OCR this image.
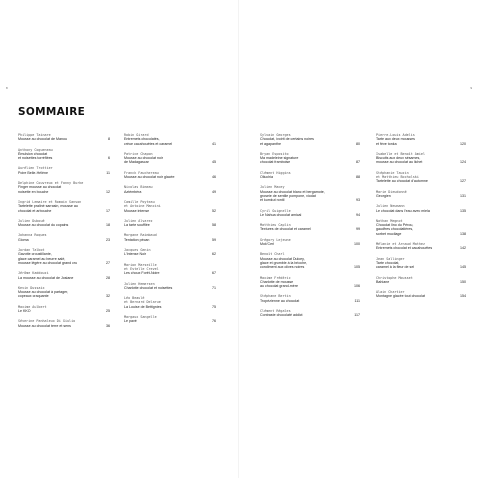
8	9
SOMMAIRE
Philippe Tainare
Mousse au chocolat de Manou	8
Anthony Cogueneau
Émulsion chocolat
et noisettes torréfiées	6
Aurélien Trottier
Poire Belle-Hélène	11
Delphine Couvreux et Fanny Burke
Finger mousse au chocolat
noisette en bouche	12
Ingrid Lemaire et Romain Sanson
Tartelette praliné sarrasin, mousse au
chocolat et arbouche	17
Julien Dubouè
Mousse au chocolat du copains	18
Johanna Roques
Gioma	23
Jordan Talbot
Gavotte croustillante,
glace caramel au beurre salé,
mousse légère au chocolat grand cru	27
Jérôme Kaddouzi
La mousse au chocolat de Josiane	28
Kevin Dussaix
Mousse au chocolat à partager,
copeaux craquante	32
Maxime Aulbert
Le KKO	25
Séverine Panhaleux Di Giulio
Mousse au chocolat terre et sens	36
Robin Girard
Entremets chocolatés,
crèue cacahouètes et caramel	41
Patrice Chapon
Mousse au chocolat noir
de Madagascar	45
Franck Fauchereau
Mousse au chocolat noir glacée	46
Nicolas Bimeau
Aztèmbèra	49
Camille Poyteau
et Antoine Mancini
Mousse intense	52
Julien Alvarez
La tarte soufflée	58
Morgane Raimbaud
Tentation pécan	59
Jacques Genin
L'Intense Noir	62
Marion Marseille
et Estelle Crevel
Les choux Forêt-Noire	67
Julien Hemersen
Charlotte chocolat et noisettes	71
Léo Beaulé
et Bernard Delarue
La Louise de Bettignies	75
Margaux Sangelle
Le pavé	76
Sylvain Georges
Chocolat, ivoirit de certains noires
et agapanthe	80
Bryan Esposito
Ma madeleine signature
chocolat framboise	87
Clément Higgins
Oliuchia	88
Julien Macey
Mousse au chocolat blanc et bergamote,
groseie de sentile pompone, viodat
et kumkut rontil	93
Cyril Guignelle
Le Nahua chocolat amical	94
Matthieu Caplin
Textures de chocolat et caramel	99
Grégory Lejeune
Mok'Cerl	100
Benoît Charl
Mousse au chocolat Dulcey,
glace et grumble à la brioche,
condiment aux olives noires	105
Maxime Frédéric
Charlotte de mousse
au chocolat grand-mère	106
Stéphane Bertin
Tropézienne au chocolat	111
Clément Régales
Contraste chocolaté addict	117
Pierre-Louis Adelis
Tarte aux deux mousses
et fève tonka	120
Isabelle et Benoît Amiel
Biscuits aux deux sésames,
mousse au chocolat au lichet	124
Stéphanie Tauzin
et Matthieu Bocholski
Tartelette au chocolat d'automne	127
Marie Dieudonné
Georgien	131
Julien Neumann
Le chocolat dans l'eau avec miela	135
Nathan Megnot
Chocolat lino du Pérou,
gaudfres chocolatières,
sorbet mucilage	138
Mélanie et Arnaud Mathez
Entremets chocolat et cacahouètes	142
Jean Sallinger
Tarte chocolat,
caramel à la fleur de sel	145
Christophe Mousset
Bahiane	150
Alain Chartier
Montagne glacée tout chocolat	154
